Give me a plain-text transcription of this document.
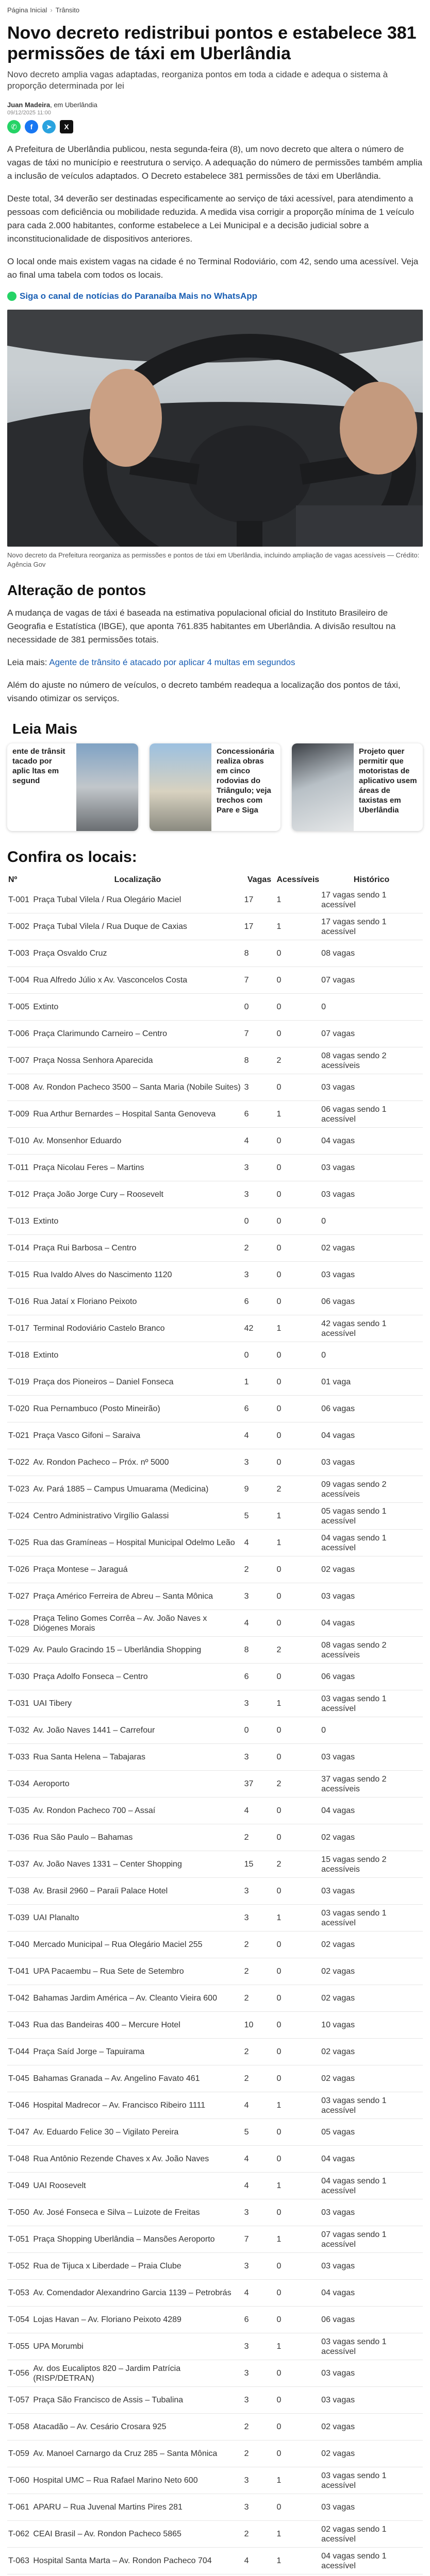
Página Inicial › Trânsito
Novo decreto redistribui pontos e estabelece 381 permissões de táxi em Uberlândia
Novo decreto amplia vagas adaptadas, reorganiza pontos em toda a cidade e adequa o sistema à proporção determinada por lei
Juan Madeira, em Uberlândia
09/12/2025 11:00
✆	f	➤	X

A Prefeitura de Uberlândia publicou, nesta segunda-feira (8), um novo decreto que altera o número de vagas de táxi no município e reestrutura o serviço. A adequação do número de permissões também amplia a inclusão de veículos adaptados. O Decreto estabelece 381 permissões de táxi em Uberlândia.

Deste total, 34 deverão ser destinadas especificamente ao serviço de táxi acessível, para atendimento a pessoas com deficiência ou mobilidade reduzida. A medida visa corrigir a proporção mínima de 1 veículo para cada 2.000 habitantes, conforme estabelece a Lei Municipal e a decisão judicial sobre a inconstitucionalidade de dispositivos anteriores.

O local onde mais existem vagas na cidade é no Terminal Rodoviário, com 42, sendo uma acessível. Veja ao final uma tabela com todos os locais.

Siga o canal de notícias do Paranaíba Mais no WhatsApp
Novo decreto da Prefeitura reorganiza as permissões e pontos de táxi em Uberlândia, incluindo ampliação de vagas acessíveis — Crédito: Agência Gov
Alteração de pontos

A mudança de vagas de táxi é baseada na estimativa populacional oficial do Instituto Brasileiro de Geografia e Estatística (IBGE), que aponta 761.835 habitantes em Uberlândia. A divisão resultou na necessidade de 381 permissões totais.

Leia mais: Agente de trânsito é atacado por aplicar 4 multas em segundos

Além do ajuste no número de veículos, o decreto também readequa a localização dos pontos de táxi, visando otimizar os serviços.

Leia Mais
ente de trânsit tacado por aplic ltas em segund
Concessionária realiza obras em cinco rodovias do Triângulo; veja trechos com Pare e Siga
Projeto quer permitir que motoristas de aplicativo usem áreas de taxistas em Uberlândia
Confira os locais:
Nº	Localização	Vagas	Acessíveis	Histórico
T-001	Praça Tubal Vilela / Rua Olegário Maciel	17	1	17 vagas sendo 1 acessível
T-002	Praça Tubal Vilela / Rua Duque de Caxias	17	1	17 vagas sendo 1 acessível
T-003	Praça Osvaldo Cruz	8	0	08 vagas
T-004	Rua Alfredo Júlio x Av. Vasconcelos Costa	7	0	07 vagas
T-005	Extinto	0	0	0
T-006	Praça Clarimundo Carneiro – Centro	7	0	07 vagas
T-007	Praça Nossa Senhora Aparecida	8	2	08 vagas sendo 2 acessíveis
T-008	Av. Rondon Pacheco 3500 – Santa Maria (Nobile Suites)	3	0	03 vagas
T-009	Rua Arthur Bernardes – Hospital Santa Genoveva	6	1	06 vagas sendo 1 acessível
T-010	Av. Monsenhor Eduardo	4	0	04 vagas
T-011	Praça Nicolau Feres – Martins	3	0	03 vagas
T-012	Praça João Jorge Cury – Roosevelt	3	0	03 vagas
T-013	Extinto	0	0	0
T-014	Praça Rui Barbosa – Centro	2	0	02 vagas
T-015	Rua Ivaldo Alves do Nascimento 1120	3	0	03 vagas
T-016	Rua Jataí x Floriano Peixoto	6	0	06 vagas
T-017	Terminal Rodoviário Castelo Branco	42	1	42 vagas sendo 1 acessível
T-018	Extinto	0	0	0
T-019	Praça dos Pioneiros – Daniel Fonseca	1	0	01 vaga
T-020	Rua Pernambuco (Posto Mineirão)	6	0	06 vagas
T-021	Praça Vasco Gifoni – Saraiva	4	0	04 vagas
T-022	Av. Rondon Pacheco – Próx. nº 5000	3	0	03 vagas
T-023	Av. Pará 1885 – Campus Umuarama (Medicina)	9	2	09 vagas sendo 2 acessíveis
T-024	Centro Administrativo Virgílio Galassi	5	1	05 vagas sendo 1 acessível
T-025	Rua das Gramíneas – Hospital Municipal Odelmo Leão	4	1	04 vagas sendo 1 acessível
T-026	Praça Montese – Jaraguá	2	0	02 vagas
T-027	Praça Américo Ferreira de Abreu – Santa Mônica	3	0	03 vagas
T-028	Praça Telino Gomes Corrêa – Av. João Naves x Diógenes Morais	4	0	04 vagas
T-029	Av. Paulo Gracindo 15 – Uberlândia Shopping	8	2	08 vagas sendo 2 acessíveis
T-030	Praça Adolfo Fonseca – Centro	6	0	06 vagas
T-031	UAI Tibery	3	1	03 vagas sendo 1 acessível
T-032	Av. João Naves 1441 – Carrefour	0	0	0
T-033	Rua Santa Helena – Tabajaras	3	0	03 vagas
T-034	Aeroporto	37	2	37 vagas sendo 2 acessíveis
T-035	Av. Rondon Pacheco 700 – Assaí	4	0	04 vagas
T-036	Rua São Paulo – Bahamas	2	0	02 vagas
T-037	Av. João Naves 1331 – Center Shopping	15	2	15 vagas sendo 2 acessíveis
T-038	Av. Brasil 2960 – Paraíi Palace Hotel	3	0	03 vagas
T-039	UAI Planalto	3	1	03 vagas sendo 1 acessível
T-040	Mercado Municipal – Rua Olegário Maciel 255	2	0	02 vagas
T-041	UPA Pacaembu – Rua Sete de Setembro	2	0	02 vagas
T-042	Bahamas Jardim América – Av. Cleanto Vieira 600	2	0	02 vagas
T-043	Rua das Bandeiras 400 – Mercure Hotel	10	0	10 vagas
T-044	Praça Saíd Jorge – Tapuirama	2	0	02 vagas
T-045	Bahamas Granada – Av. Angelino Favato 461	2	0	02 vagas
T-046	Hospital Madrecor – Av. Francisco Ribeiro 1111	4	1	03 vagas sendo 1 acessível
T-047	Av. Eduardo Felice 30 – Vigilato Pereira	5	0	05 vagas
T-048	Rua Antônio Rezende Chaves x Av. João Naves	4	0	04 vagas
T-049	UAI Roosevelt	4	1	04 vagas sendo 1 acessível
T-050	Av. José Fonseca e Silva – Luizote de Freitas	3	0	03 vagas
T-051	Praça Shopping Uberlândia – Mansões Aeroporto	7	1	07 vagas sendo 1 acessível
T-052	Rua de Tijuca x Liberdade – Praia Clube	3	0	03 vagas
T-053	Av. Comendador Alexandrino Garcia 1139 – Petrobrás	4	0	04 vagas
T-054	Lojas Havan – Av. Floriano Peixoto 4289	6	0	06 vagas
T-055	UPA Morumbi	3	1	03 vagas sendo 1 acessível
T-056	Av. dos Eucaliptos 820 – Jardim Patrícia (RISP/DETRAN)	3	0	03 vagas
T-057	Praça São Francisco de Assis – Tubalina	3	0	03 vagas
T-058	Atacadão – Av. Cesário Crosara 925	2	0	02 vagas
T-059	Av. Manoel Carnargo da Cruz 285 – Santa Mônica	2	0	02 vagas
T-060	Hospital UMC – Rua Rafael Marino Neto 600	3	1	03 vagas sendo 1 acessível
T-061	APARU – Rua Juvenal Martins Pires 281	3	0	03 vagas
T-062	CEAI Brasil – Av. Rondon Pacheco 5865	2	1	02 vagas sendo 1 acessível
T-063	Hospital Santa Marta – Av. Rondon Pacheco 704	4	1	04 vagas sendo 1 acessível
